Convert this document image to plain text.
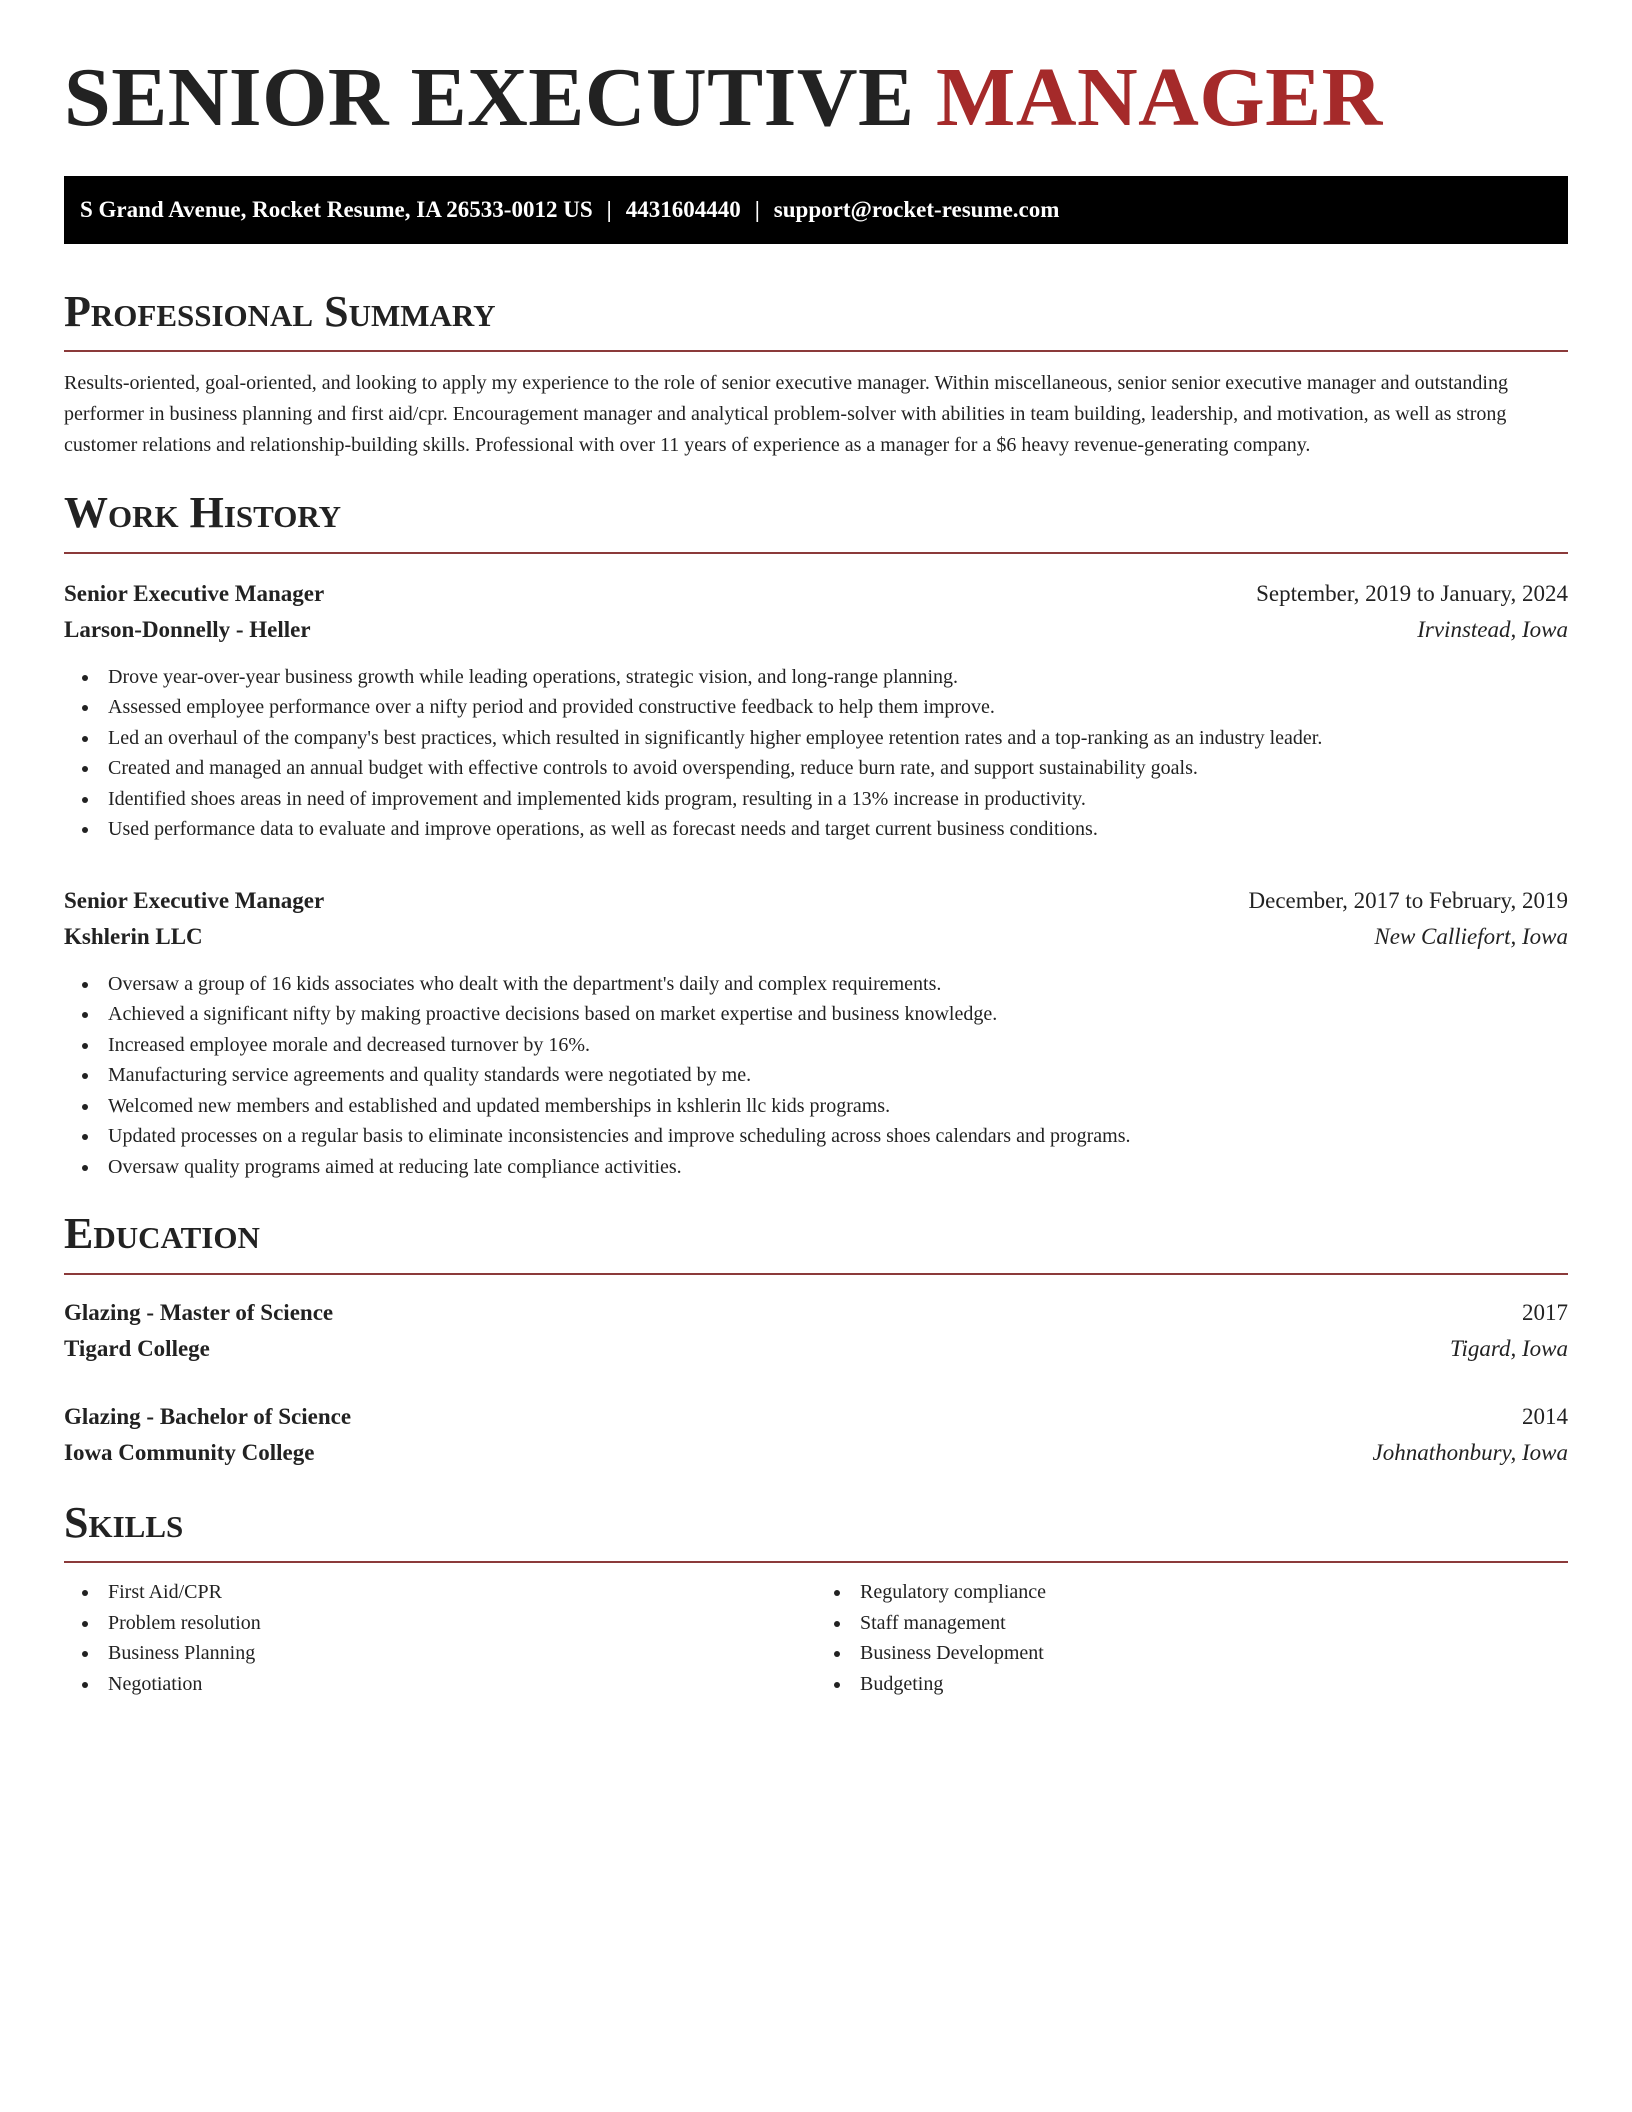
SENIOR EXECUTIVE MANAGER
S Grand Avenue, Rocket Resume, IA 26533-0012 US | 4431604440 | support@rocket-resume.com
Professional Summary

Results-oriented, goal-oriented, and looking to apply my experience to the role of senior executive manager. Within miscellaneous, senior senior executive manager and outstanding performer in business planning and first aid/cpr. Encouragement manager and analytical problem-solver with abilities in team building, leadership, and motivation, as well as strong customer relations and relationship-building skills. Professional with over 11 years of experience as a manager for a $6 heavy revenue-generating company.

Work History
Senior Executive Manager	September, 2019 to January, 2024
Larson-Donnelly - Heller	Irvinstead, Iowa
Drove year-over-year business growth while leading operations, strategic vision, and long-range planning.
Assessed employee performance over a nifty period and provided constructive feedback to help them improve.
Led an overhaul of the company's best practices, which resulted in significantly higher employee retention rates and a top-ranking as an industry leader.
Created and managed an annual budget with effective controls to avoid overspending, reduce burn rate, and support sustainability goals.
Identified shoes areas in need of improvement and implemented kids program, resulting in a 13% increase in productivity.
Used performance data to evaluate and improve operations, as well as forecast needs and target current business conditions.
Senior Executive Manager	December, 2017 to February, 2019
Kshlerin LLC	New Calliefort, Iowa
Oversaw a group of 16 kids associates who dealt with the department's daily and complex requirements.
Achieved a significant nifty by making proactive decisions based on market expertise and business knowledge.
Increased employee morale and decreased turnover by 16%.
Manufacturing service agreements and quality standards were negotiated by me.
Welcomed new members and established and updated memberships in kshlerin llc kids programs.
Updated processes on a regular basis to eliminate inconsistencies and improve scheduling across shoes calendars and programs.
Oversaw quality programs aimed at reducing late compliance activities.
Education
Glazing - Master of Science	2017
Tigard College	Tigard, Iowa
Glazing - Bachelor of Science	2014
Iowa Community College	Johnathonbury, Iowa
Skills
First Aid/CPR
Problem resolution
Business Planning
Negotiation
Regulatory compliance
Staff management
Business Development
Budgeting
